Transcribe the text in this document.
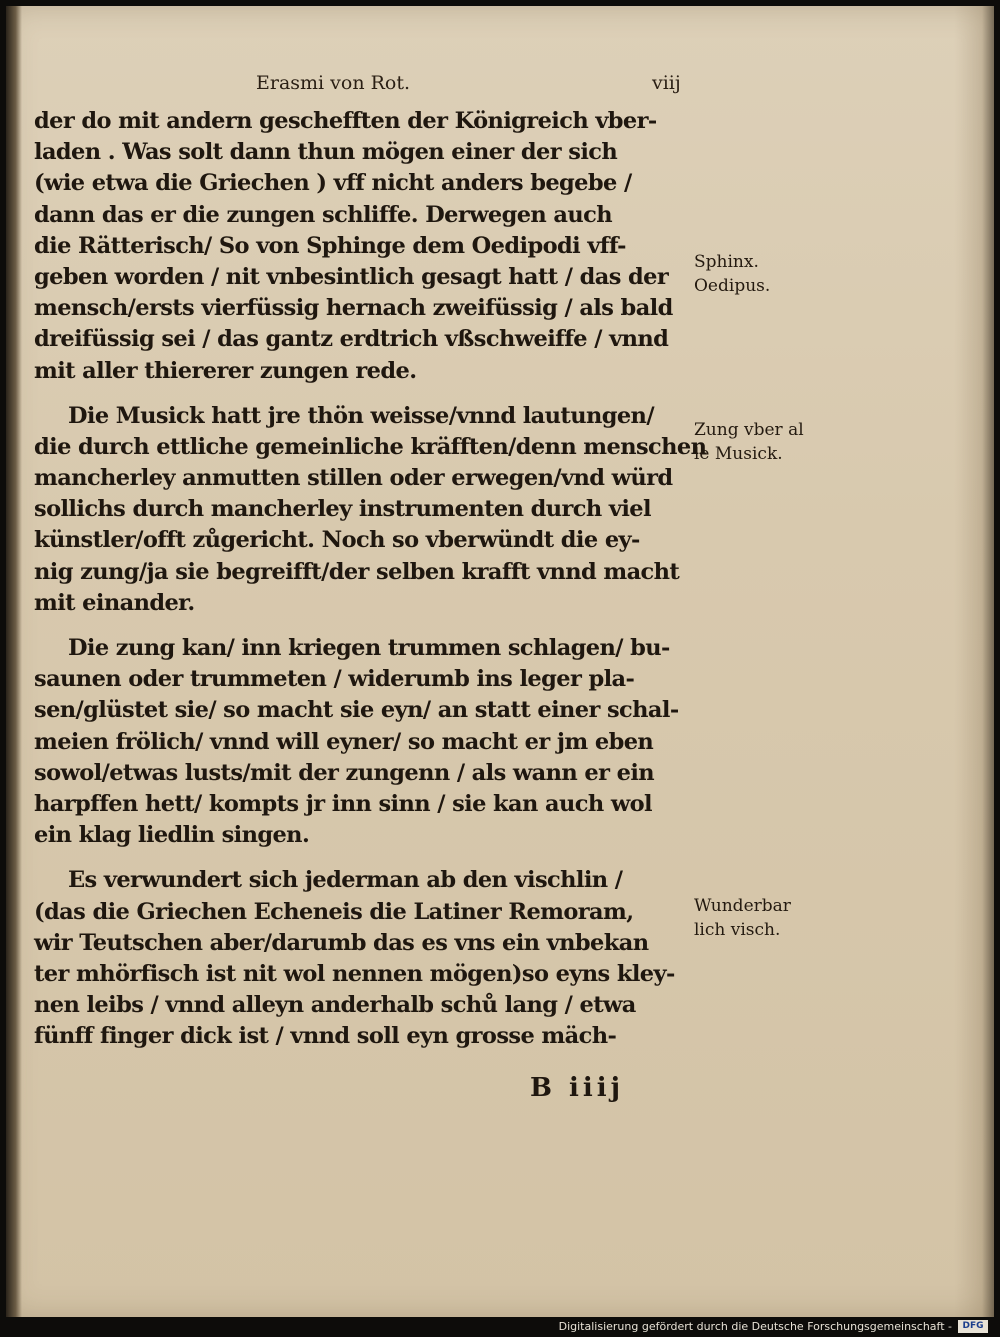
Erasmi von Rot.	viij
der do mit andern geschefften der Königreich vber-
laden . Was solt dann thun mögen einer der sich
(wie etwa die Griechen ) vff nicht anders begebe /
dann das er die zungen schliffe. Derwegen auch
die Rätterisch/ So von Sphinge dem Oedipodi vff-
geben worden / nit vnbesintlich gesagt hatt / das der
mensch/ersts vierfüssig hernach zweifüssig / als bald
dreifüssig sei / das gantz erdtrich vßschweiffe / vnnd
mit aller thiererer zungen rede.
Die Musick hatt jre thön weisse/vnnd lautungen/
die durch ettliche gemeinliche kräfften/denn menschen
mancherley anmutten stillen oder erwegen/vnd würd
sollichs durch mancherley instrumenten durch viel
künstler/offt zůgericht. Noch so vberwündt die ey-
nig zung/ja sie begreifft/der selben krafft vnnd macht
mit einander.
Die zung kan/ inn kriegen trummen schlagen/ bu-
saunen oder trummeten / widerumb ins leger pla-
sen/glüstet sie/ so macht sie eyn/ an statt einer schal-
meien frölich/ vnnd will eyner/ so macht er jm eben
sowol/etwas lusts/mit der zungenn / als wann er ein
harpffen hett/ kompts jr inn sinn / sie kan auch wol
ein klag liedlin singen.
Es verwundert sich jederman ab den vischlin /
(das die Griechen Echeneis die Latiner Remoram,
wir Teutschen aber/darumb das es vns ein vnbekan
ter mhörfisch ist nit wol nennen mögen)so eyns kley-
nen leibs / vnnd alleyn anderhalb schů lang / etwa
fünff finger dick ist / vnnd soll eyn grosse mäch-
Sphinx.
Oedipus.
Zung vber al
le Musick.
Wunderbar
lich visch.
B iiij
Digitalisierung gefördert durch die Deutsche Forschungsgemeinschaft -	DFG
